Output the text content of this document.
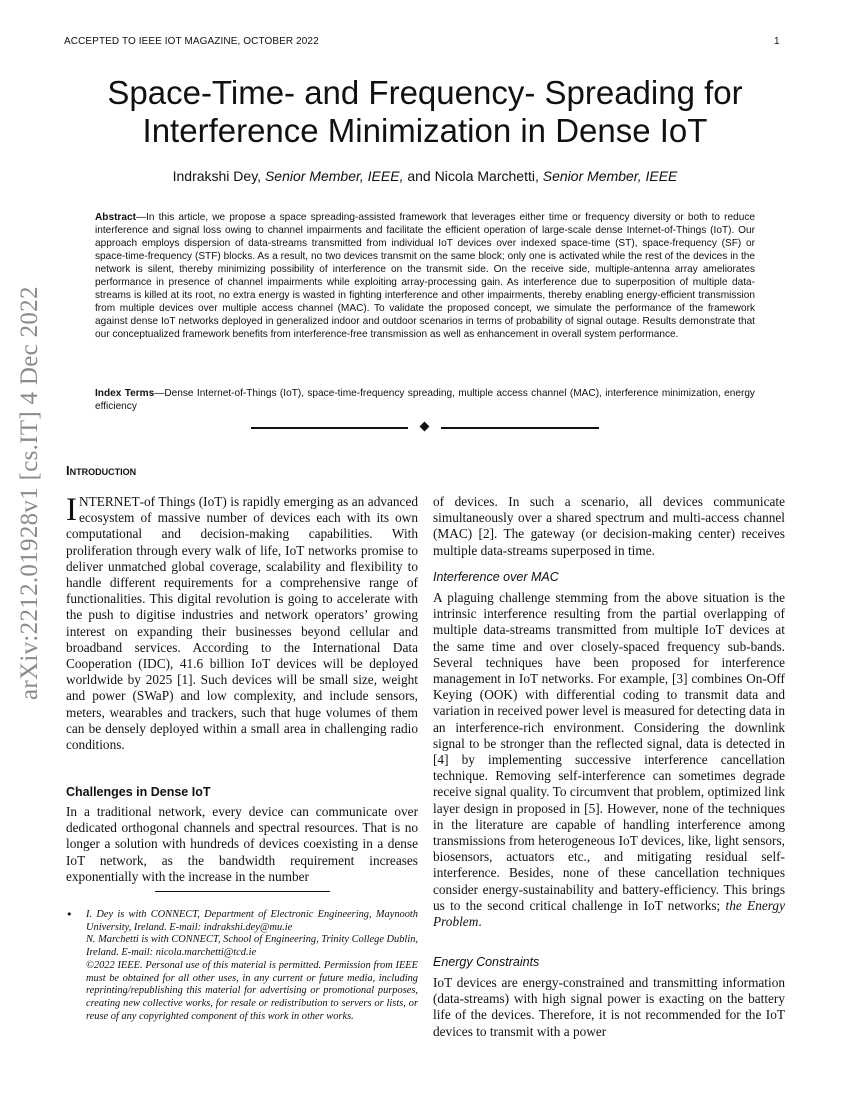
ACCEPTED TO IEEE IOT MAGAZINE, OCTOBER 2022	1
Space-Time- and Frequency- Spreading for
Interference Minimization in Dense IoT
Indrakshi Dey, Senior Member, IEEE, and Nicola Marchetti, Senior Member, IEEE
Abstract—In this article, we propose a space spreading-assisted framework that leverages either time or frequency diversity or both to reduce interference and signal loss owing to channel impairments and facilitate the efficient operation of large-scale dense Internet-of-Things (IoT). Our approach employs dispersion of data-streams transmitted from individual IoT devices over indexed space-time (ST), space-frequency (SF) or space-time-frequency (STF) blocks. As a result, no two devices transmit on the same block; only one is activated while the rest of the devices in the network is silent, thereby minimizing possibility of interference on the transmit side. On the receive side, multiple-antenna array ameliorates performance in presence of channel impairments while exploiting array-processing gain. As interference due to superposition of multiple data-streams is killed at its root, no extra energy is wasted in fighting interference and other impairments, thereby enabling energy-efficient transmission from multiple devices over multiple access channel (MAC). To validate the proposed concept, we simulate the performance of the framework against dense IoT networks deployed in generalized indoor and outdoor scenarios in terms of probability of signal outage. Results demonstrate that our conceptualized framework benefits from interference-free transmission as well as enhancement in overall system performance.
Index Terms—Dense Internet-of-Things (IoT), space-time-frequency spreading, multiple access channel (MAC), interference minimization, energy efficiency
arXiv:2212.01928v1 [cs.IT] 4 Dec 2022 Introduction

INTERNET-of Things (IoT) is rapidly emerging as an advanced ecosystem of massive number of devices each with its own computational and decision-making capabilities. With proliferation through every walk of life, IoT networks promise to deliver unmatched global coverage, scalability and flexibility to handle different requirements for a comprehensive range of functionalities. This digital revolution is going to accelerate with the push to digitise industries and network operators’ growing interest on expanding their businesses beyond cellular and broadband services. According to the International Data Cooperation (IDC), 41.6 billion IoT devices will be deployed worldwide by 2025 [1]. Such devices will be small size, weight and power (SWaP) and low complexity, and include sensors, meters, wearables and trackers, such that huge volumes of them can be densely deployed within a small area in challenging radio conditions.

Challenges in Dense IoT

In a traditional network, every device can communicate over dedicated orthogonal channels and spectral resources. That is no longer a solution with hundreds of devices coexisting in a dense IoT network, as the bandwidth requirement increases exponentially with the increase in the number

• I. Dey is with CONNECT, Department of Electronic Engineering, Maynooth University, Ireland. E-mail: indrakshi.dey@mu.ie

N. Marchetti is with CONNECT, School of Engineering, Trinity College Dublin, Ireland. E-mail: nicola.marchetti@tcd.ie

©2022 IEEE. Personal use of this material is permitted. Permission from IEEE must be obtained for all other uses, in any current or future media, including reprinting/republishing this material for advertising or promotional purposes, creating new collective works, for resale or redistribution to servers or lists, or reuse of any copyrighted component of this work in other works.

of devices. In such a scenario, all devices communicate simultaneously over a shared spectrum and multi-access channel (MAC) [2]. The gateway (or decision-making center) receives multiple data-streams superposed in time.

Interference over MAC

A plaguing challenge stemming from the above situation is the intrinsic interference resulting from the partial overlapping of multiple data-streams transmitted from multiple IoT devices at the same time and over closely-spaced frequency sub-bands. Several techniques have been proposed for interference management in IoT networks. For example, [3] combines On-Off Keying (OOK) with differential coding to transmit data and variation in received power level is measured for detecting data in an interference-rich environment. Considering the downlink signal to be stronger than the reflected signal, data is detected in [4] by implementing successive interference cancellation technique. Removing self-interference can sometimes degrade receive signal quality. To circumvent that problem, optimized link layer design in proposed in [5]. However, none of the techniques in the literature are capable of handling interference among transmissions from heterogeneous IoT devices, like, light sensors, biosensors, actuators etc., and mitigating residual self-interference. Besides, none of these cancellation techniques consider energy-sustainability and battery-efficiency. This brings us to the second critical challenge in IoT networks; the Energy Problem.

Energy Constraints

IoT devices are energy-constrained and transmitting information (data-streams) with high signal power is exacting on the battery life of the devices. Therefore, it is not recommended for the IoT devices to transmit with a power
